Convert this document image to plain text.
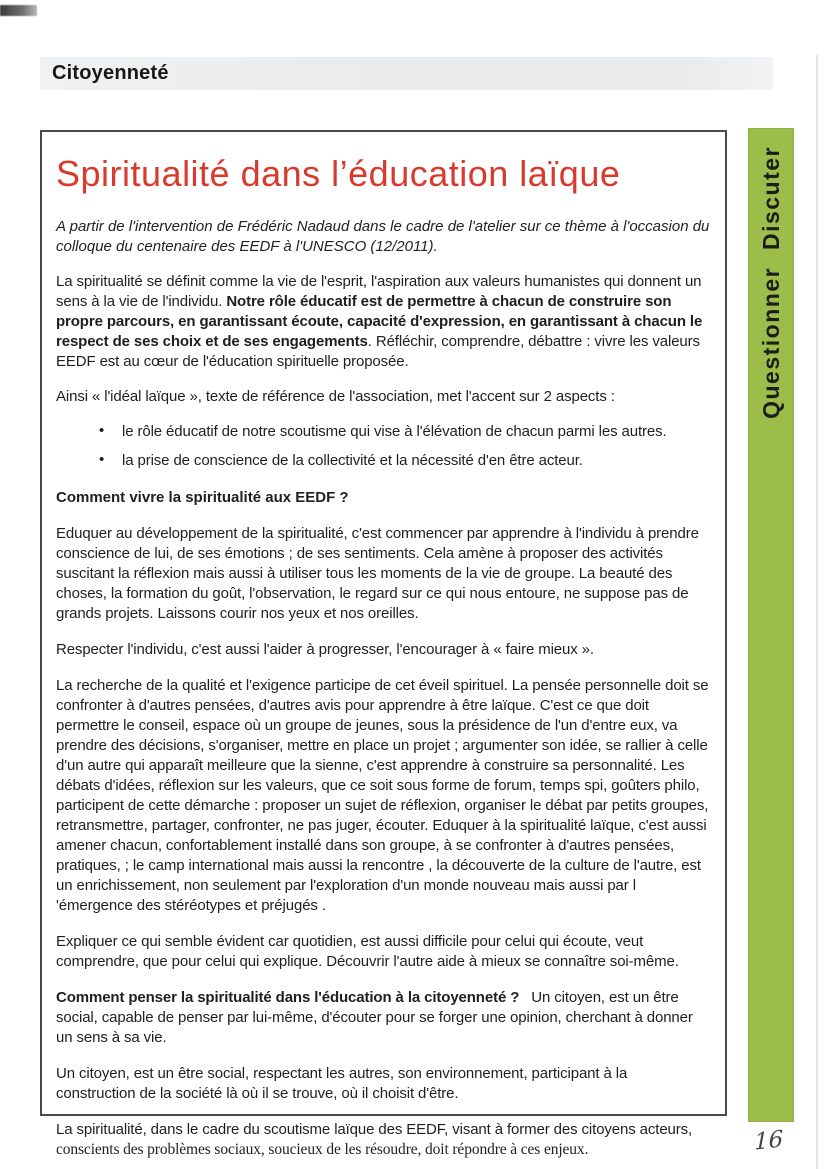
Citoyenneté
Spiritualité dans l’éducation laïque

A partir de l'intervention de Frédéric Nadaud dans le cadre de l'atelier sur ce thème à l'occasion du colloque du centenaire des EEDF à l'UNESCO (12/2011).

La spiritualité se définit comme la vie de l'esprit, l'aspiration aux valeurs humanistes qui donnent un sens à la vie de l'individu. Notre rôle éducatif est de permettre à chacun de construire son propre parcours, en garantissant écoute, capacité d'expression, en garantissant à chacun le respect de ses choix et de ses engagements. Réfléchir, comprendre, débattre : vivre les valeurs EEDF est au cœur de l'éducation spirituelle proposée.

Ainsi « l'idéal laïque », texte de référence de l'association, met l'accent sur 2 aspects :

• le rôle éducatif de notre scoutisme qui vise à l'élévation de chacun parmi les autres.
• la prise de conscience de la collectivité et la nécessité d'en être acteur.

Comment vivre la spiritualité aux EEDF ?

Eduquer au développement de la spiritualité, c'est commencer par apprendre à l'individu à prendre conscience de lui, de ses émotions ; de ses sentiments. Cela amène à proposer des activités suscitant la réflexion mais aussi à utiliser tous les moments de la vie de groupe. La beauté des choses, la formation du goût, l'observation, le regard sur ce qui nous entoure, ne suppose pas de grands projets. Laissons courir nos yeux et nos oreilles.

Respecter l'individu, c'est aussi l'aider à progresser, l'encourager à « faire mieux ».

La recherche de la qualité et l'exigence participe de cet éveil spirituel. La pensée personnelle doit se confronter à d'autres pensées, d'autres avis pour apprendre à être laïque. C'est ce que doit permettre le conseil, espace où un groupe de jeunes, sous la présidence de l'un d'entre eux, va prendre des décisions, s'organiser, mettre en place un projet ; argumenter son idée, se rallier à celle d'un autre qui apparaît meilleure que la sienne, c'est apprendre à construire sa personnalité. Les débats d'idées, réflexion sur les valeurs, que ce soit sous forme de forum, temps spi, goûters philo, participent de cette démarche : proposer un sujet de réflexion, organiser le débat par petits groupes, retransmettre, partager, confronter, ne pas juger, écouter. Eduquer à la spiritualité laïque, c'est aussi amener chacun, confortablement installé dans son groupe, à se confronter à d'autres pensées, pratiques, ; le camp international mais aussi la rencontre , la découverte de la culture de l'autre, est un enrichissement, non seulement par l'exploration d'un monde nouveau mais aussi par l 'émergence des stéréotypes et préjugés .

Expliquer ce qui semble évident car quotidien, est aussi difficile pour celui qui écoute, veut comprendre, que pour celui qui explique. Découvrir l'autre aide à mieux se connaître soi-même.

Comment penser la spiritualité dans l'éducation à la citoyenneté ? Un citoyen, est un être social, capable de penser par lui-même, d'écouter pour se forger une opinion, cherchant à donner un sens à sa vie.

Un citoyen, est un être social, respectant les autres, son environnement, participant à la construction de la société là où il se trouve, où il choisit d'être.

La spiritualité, dans le cadre du scoutisme laïque des EEDF, visant à former des citoyens acteurs, conscients des problèmes sociaux, soucieux de les résoudre, doit répondre à ces enjeux.

Questionner Discuter
16
